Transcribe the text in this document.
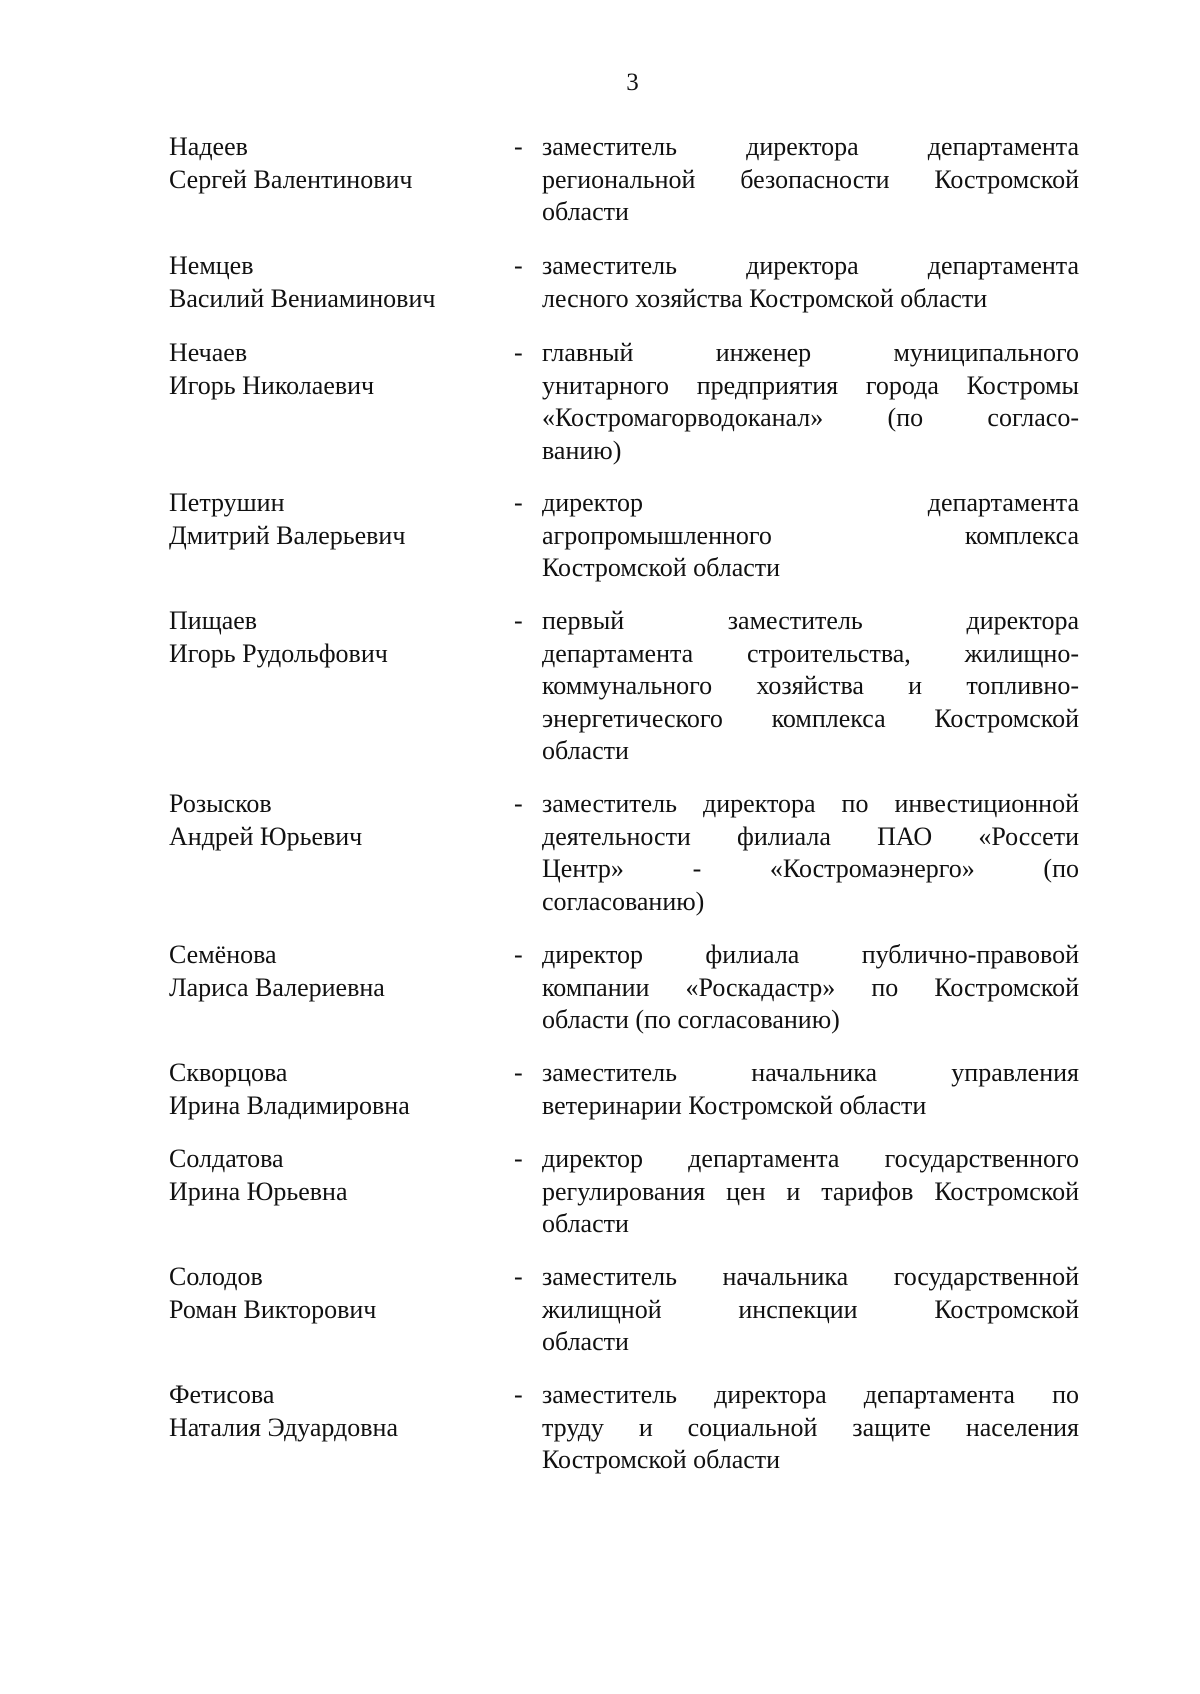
3
Надеев
Сергей Валентинович
- заместитель директора департамента
региональной безопасности Костромской
области
Немцев
Василий Вениаминович
- заместитель директора департамента
лесного хозяйства Костромской области
Нечаев
Игорь Николаевич
- главный инженер муниципального
унитарного предприятия города Костромы
«Костромагорводоканал» (по согласо-
ванию)
Петрушин
Дмитрий Валерьевич
- директор департамента
агропромышленного комплекса
Костромской области
Пищаев
Игорь Рудольфович
- первый заместитель директора
департамента строительства, жилищно-
коммунального хозяйства и топливно-
энергетического комплекса Костромской
области
Розысков
Андрей Юрьевич
- заместитель директора по инвестиционной
деятельности филиала ПАО «Россети
Центр» - «Костромаэнерго» (по
согласованию)
Семёнова
Лариса Валериевна
- директор филиала публично-правовой
компании «Роскадастр» по Костромской
области (по согласованию)
Скворцова
Ирина Владимировна
- заместитель начальника управления
ветеринарии Костромской области
Солдатова
Ирина Юрьевна
- директор департамента государственного
регулирования цен и тарифов Костромской
области
Солодов
Роман Викторович
- заместитель начальника государственной
жилищной инспекции Костромской
области
Фетисова
Наталия Эдуардовна
- заместитель директора департамента по
труду и социальной защите населения
Костромской области
